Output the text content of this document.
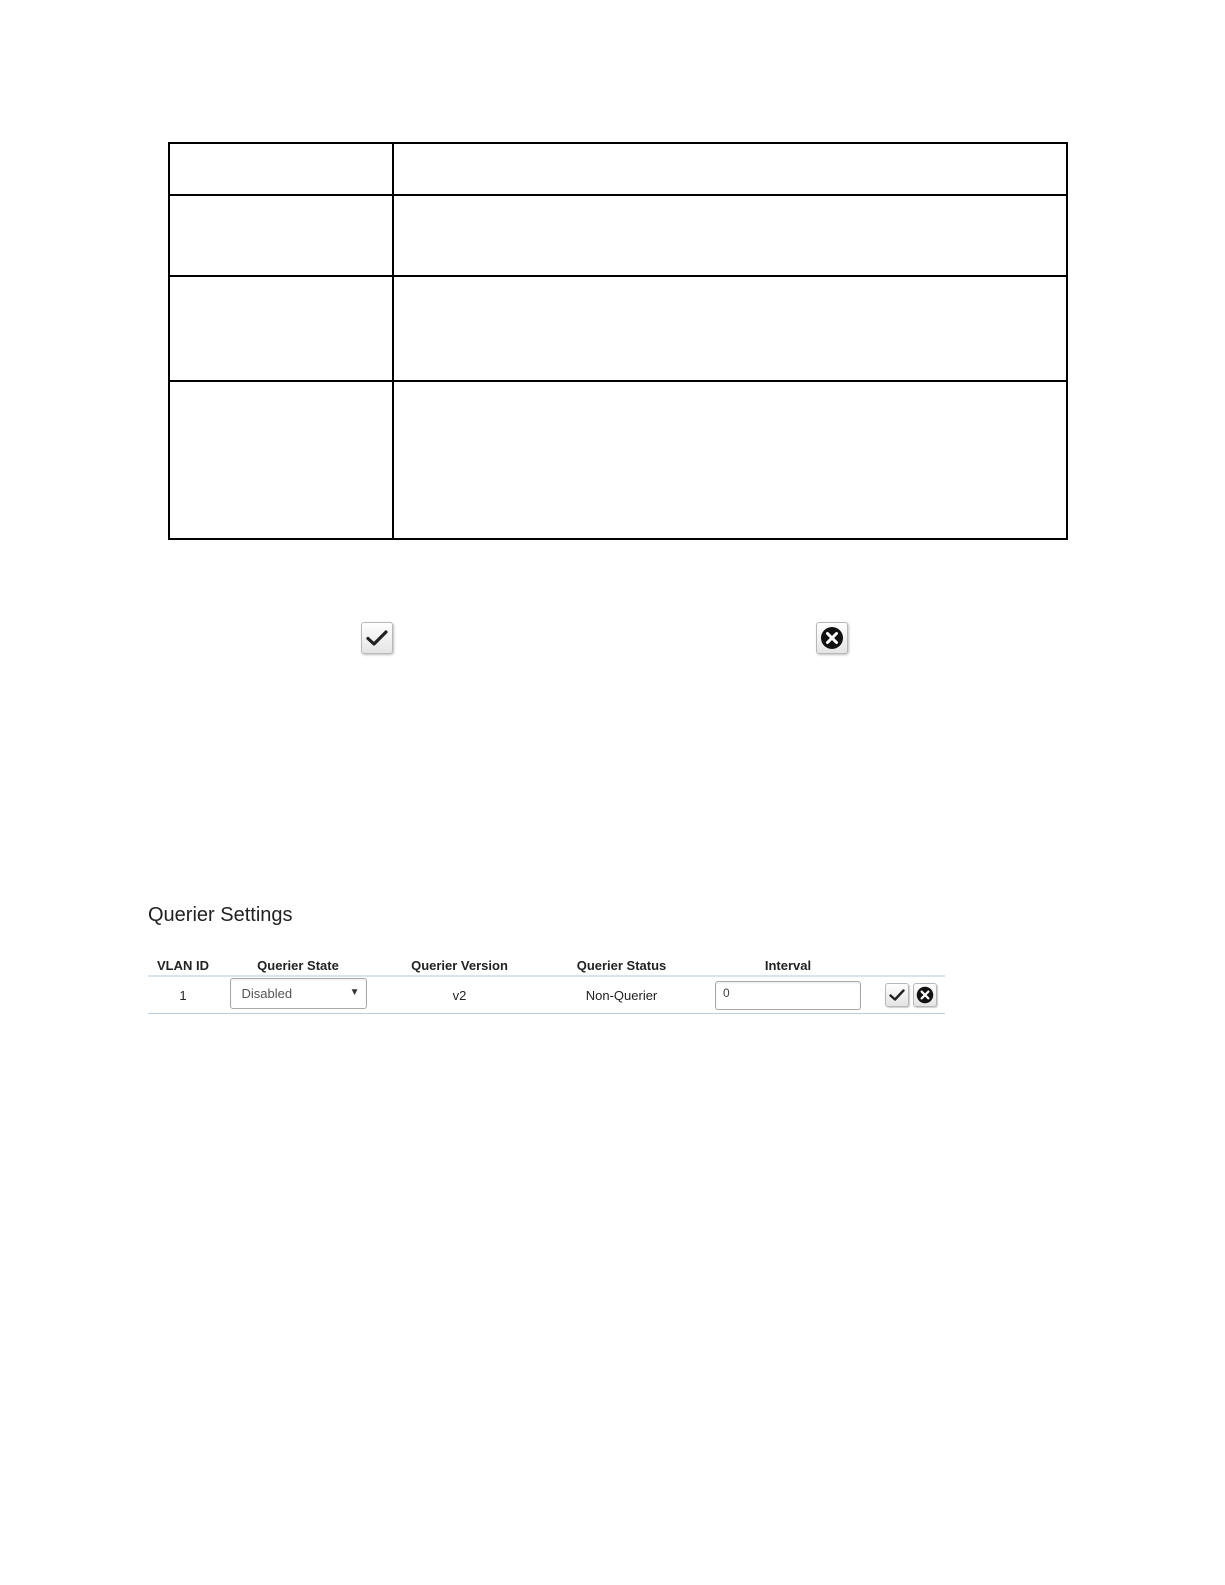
Querier Settings
VLAN ID	Querier State	Querier Version	Querier Status	Interval	
1	Disabled ▼	v2	Non-Querier	0	
